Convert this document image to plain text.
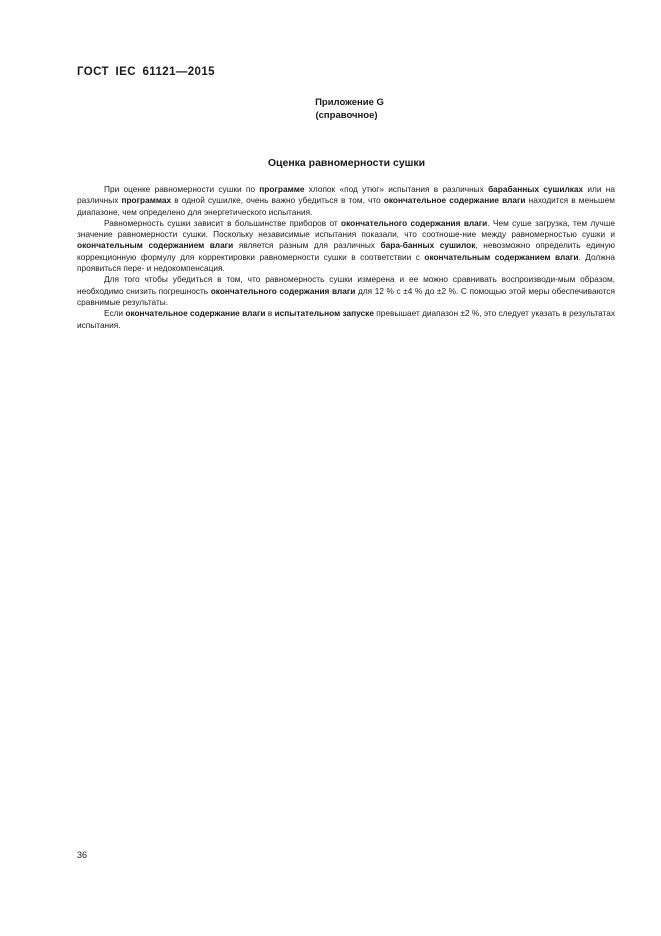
ГОСТ IEC 61121—2015
Приложение G
(справочное)
Оценка равномерности сушки

При оценке равномерности сушки по программе хлопок «под утюг» испытания в различных барабанных сушилках или на различных программах в одной сушилке, очень важно убедиться в том, что окончательное содержание влаги находится в меньшем диапазоне, чем определено для энергетического испытания.

Равномерность сушки зависит в большинстве приборов от окончательного содержания влаги. Чем суше загрузка, тем лучше значение равномерности сушки. Поскольку независимые испытания показали, что соотноше-ние между равномерностью сушки и окончательным содержанием влаги является разным для различных бара-банных сушилок, невозможно определить единую коррекционную формулу для корректировки равномерности сушки в соответствии с окончательным содержанием влаги. Должна проявиться пере- и недокомпенсация.

Для того чтобы убедиться в том, что равномерность сушки измерена и ее можно сравнивать воспроизводи-мым образом, необходимо снизить погрешность окончательного содержания влаги для 12 % с ±4 % до ±2 %. С помощью этой меры обеспечиваются сравнимые результаты.

Если окончательное содержание влаги в испытательном запуске превышает диапазон ±2 %, это следует указать в результатах испытания.

36
